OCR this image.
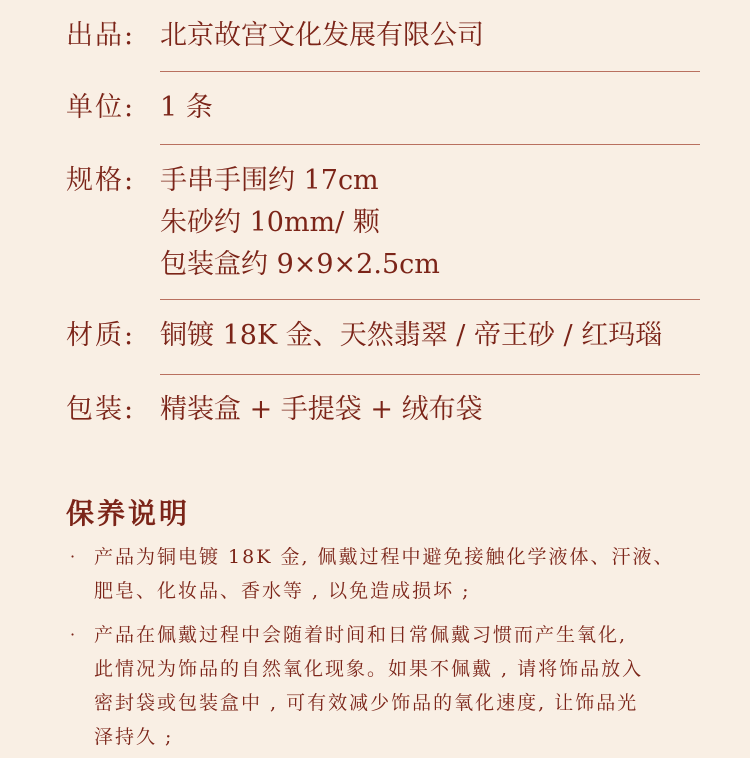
出品: 北京故宫文化发展有限公司
单位: 1 条
规格: 手串手围约 17cm
朱砂约 10mm/ 颗
包装盒约 9×9×2.5cm
材质: 铜镀 18K 金、天然翡翠 / 帝王砂 / 红玛瑙
包装: 精装盒 + 手提袋 + 绒布袋
保养说明
· 产品为铜电镀 18K 金, 佩戴过程中避免接触化学液体、汗液、
肥皂、化妆品、香水等 , 以免造成损坏 ;
· 产品在佩戴过程中会随着时间和日常佩戴习惯而产生氧化,
此情况为饰品的自然氧化现象。如果不佩戴 , 请将饰品放入
密封袋或包装盒中 , 可有效减少饰品的氧化速度, 让饰品光
泽持久 ;
